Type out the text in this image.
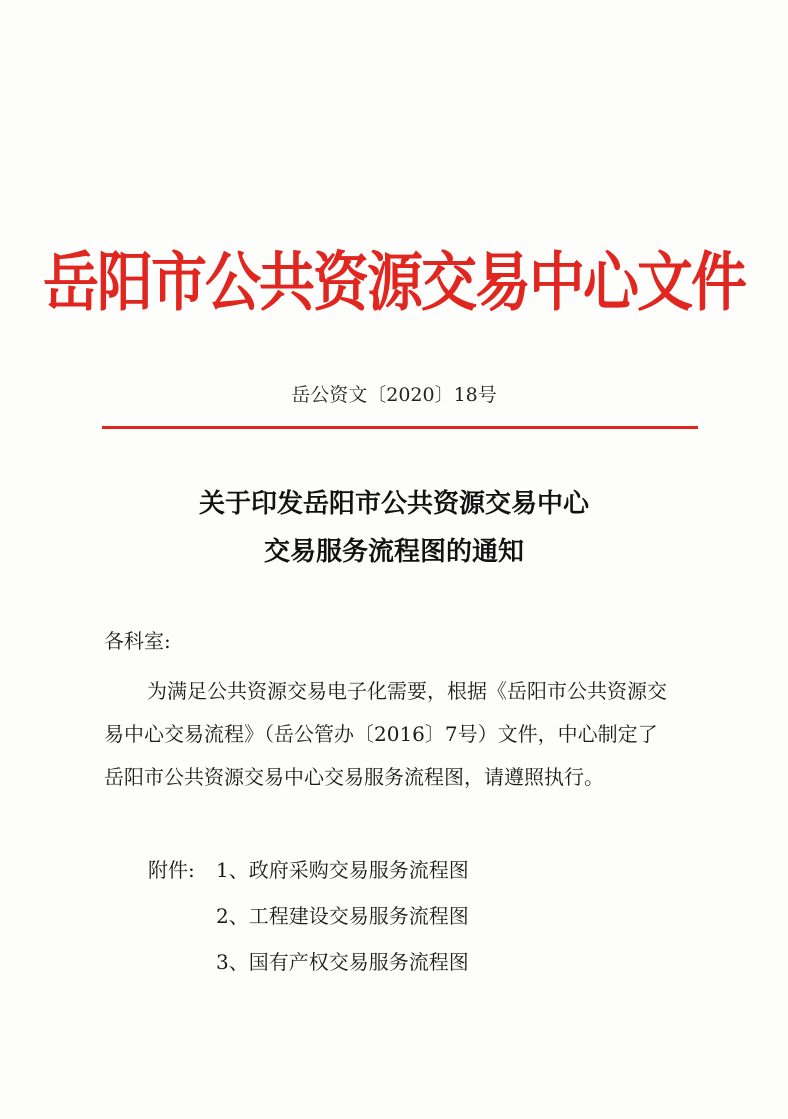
岳阳市公共资源交易中心文件
岳公资文〔2020〕18号
关于印发岳阳市公共资源交易中心
交易服务流程图的通知
各科室:
为满足公共资源交易电子化需要，根据《岳阳市公共资源交
易中心交易流程》（岳公管办〔2016〕7号）文件，中心制定了
岳阳市公共资源交易中心交易服务流程图，请遵照执行。
附件: 1、政府采购交易服务流程图
2、工程建设交易服务流程图
3、国有产权交易服务流程图
